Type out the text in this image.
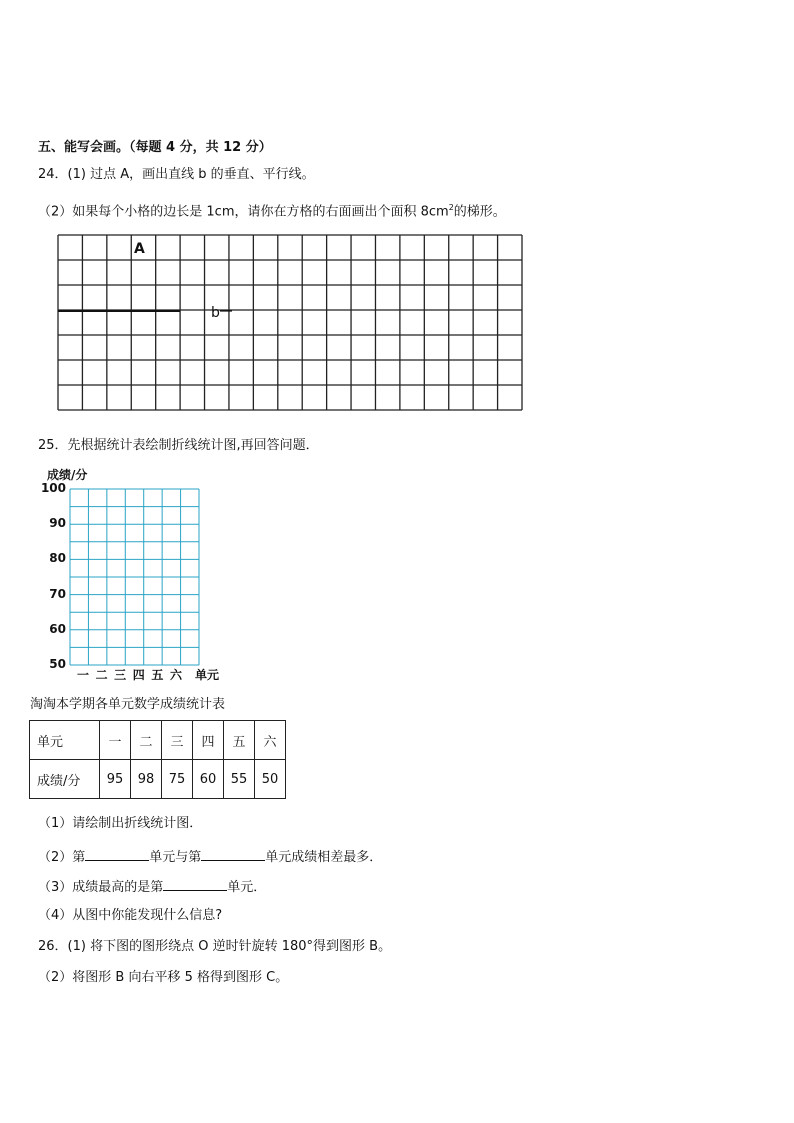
五、能写会画。（每题 4 分，共 12 分）
24．(1) 过点 A，画出直线 b 的垂直、平行线。
（2）如果每个小格的边长是 1cm，请你在方格的右面画出个面积 $8cm^2$的梯形。
A
b
25．先根据统计表绘制折线统计图,再回答问题．
成绩/分
100
90
80
70
60
50
一 二 三 四 五 六 单元
淘淘本学期各单元数学成绩统计表
单元	一	二	三	四	五	六
成绩/分	95	98	75	60	55	50
（1）请绘制出折线统计图．
（2）第	单元与第	单元成绩相差最多．
（3）成绩最高的是第	单元．
（4）从图中你能发现什么信息?
26．(1) 将下图的图形绕点 O 逆时针旋转 180°得到图形 B。
（2）将图形 B 向右平移 5 格得到图形 C。
